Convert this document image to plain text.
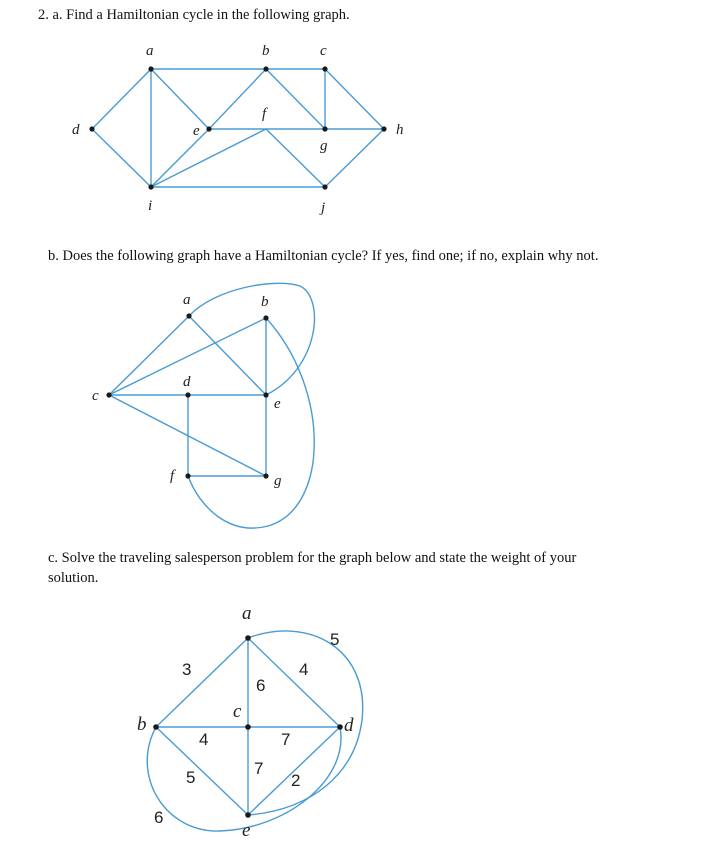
2. a. Find a Hamiltonian cycle in the following graph.

a	b	c
d	e
f
g
h
i	j

b. Does the following graph have a Hamiltonian cycle? If yes, find one; if no, explain why not.

a	b
c
d
e
f	g

c. Solve the traveling salesperson problem for the graph below and state the weight of your
solution.

a
b
c
d
e
3
6
4
5
4
5
6
7
7
2
